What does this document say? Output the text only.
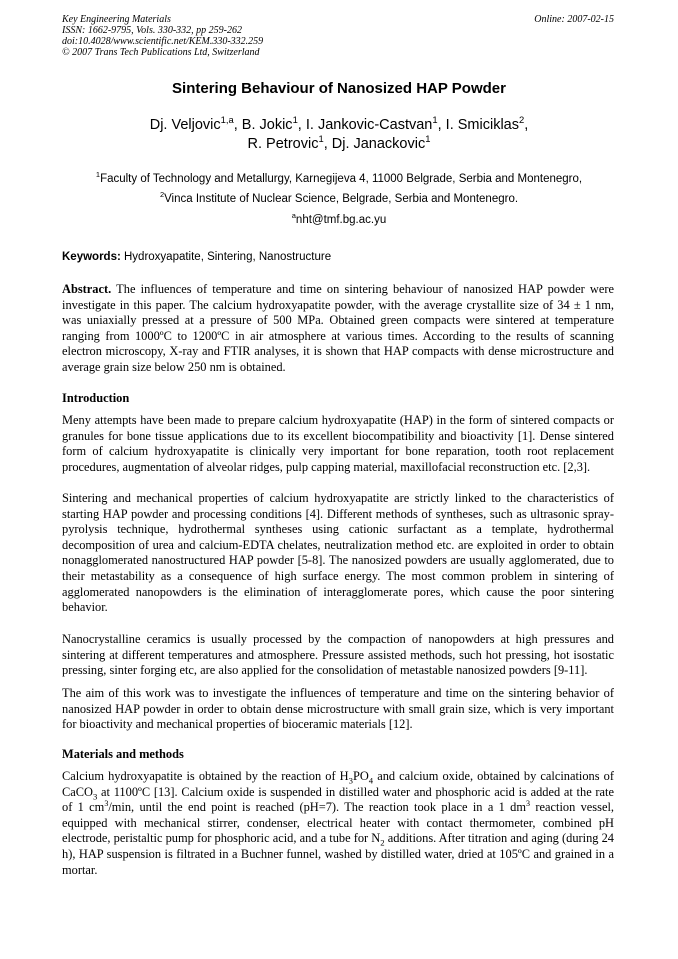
Key Engineering Materials
ISSN: 1662-9795, Vols. 330-332, pp 259-262
doi:10.4028/www.scientific.net/KEM.330-332.259
© 2007 Trans Tech Publications Ltd, Switzerland
Online: 2007-02-15
Sintering Behaviour of Nanosized HAP Powder
Dj. Veljovic$^{1,a}$, B. Jokic$^1$, I. Jankovic-Castvan$^1$, I. Smiciklas$^2$,
R. Petrovic$^1$, Dj. Janackovic$^1$
$^1$Faculty of Technology and Metallurgy, Karnegijeva 4, 11000 Belgrade, Serbia and Montenegro,
$^2$Vinca Institute of Nuclear Science, Belgrade, Serbia and Montenegro.
$^a$nht@tmf.bg.ac.yu
Keywords: Hydroxyapatite, Sintering, Nanostructure

Abstract. The influences of temperature and time on sintering behaviour of nanosized HAP powder were investigate in this paper. The calcium hydroxyapatite powder, with the average crystallite size of 34 ± 1 nm, was uniaxially pressed at a pressure of 500 MPa. Obtained green compacts were sintered at temperature ranging from 1000ºC to 1200ºC in air atmosphere at various times. According to the results of scanning electron microscopy, X-ray and FTIR analyses, it is shown that HAP compacts with dense microstructure and average grain size below 250 nm is obtained.

Introduction

Meny attempts have been made to prepare calcium hydroxyapatite (HAP) in the form of sintered compacts or granules for bone tissue applications due to its excellent biocompatibility and bioactivity [1]. Dense sintered form of calcium hydroxyapatite is clinically very important for bone reparation, tooth root replacement procedures, augmentation of alveolar ridges, pulp capping material, maxillofacial reconstruction etc. [2,3].

Sintering and mechanical properties of calcium hydroxyapatite are strictly linked to the characteristics of starting HAP powder and processing conditions [4]. Different methods of syntheses, such as ultrasonic spray-pyrolysis technique, hydrothermal syntheses using cationic surfactant as a template, hydrothermal decomposition of urea and calcium-EDTA chelates, neutralization method etc. are exploited in order to obtain nonagglomerated nanostructured HAP powder [5-8]. The nanosized powders are usually agglomerated, due to their metastability as a consequence of high surface energy. The most common problem in sintering of agglomerated nanopowders is the elimination of interagglomerate pores, which cause the poor sintering behavior.

Nanocrystalline ceramics is usually processed by the compaction of nanopowders at high pressures and sintering at different temperatures and atmosphere. Pressure assisted methods, such hot pressing, hot isostatic pressing, sinter forging etc, are also applied for the consolidation of metastable nanosized powders [9-11].

The aim of this work was to investigate the influences of temperature and time on the sintering behavior of nanosized HAP powder in order to obtain dense microstructure with small grain size, which is very important for bioactivity and mechanical properties of bioceramic materials [12].

Materials and methods

Calcium hydroxyapatite is obtained by the reaction of $H_3PO_4$ and calcium oxide, obtained by calcinations of CaCO$_3$ at 1100ºC [13]. Calcium oxide is suspended in distilled water and phosphoric acid is added at the rate of 1 $cm^3/\min$, until the end point is reached (pH=7). The reaction took place in a 1 $dm^3$ reaction vessel, equipped with mechanical stirrer, condenser, electrical heater with contact thermometer, combined pH electrode, peristaltic pump for phosphoric acid, and a tube for $N_2$ additions. After titration and aging (during 24 h), HAP suspension is filtrated in a Buchner funnel, washed by distilled water, dried at 105ºC and grained in a mortar.
